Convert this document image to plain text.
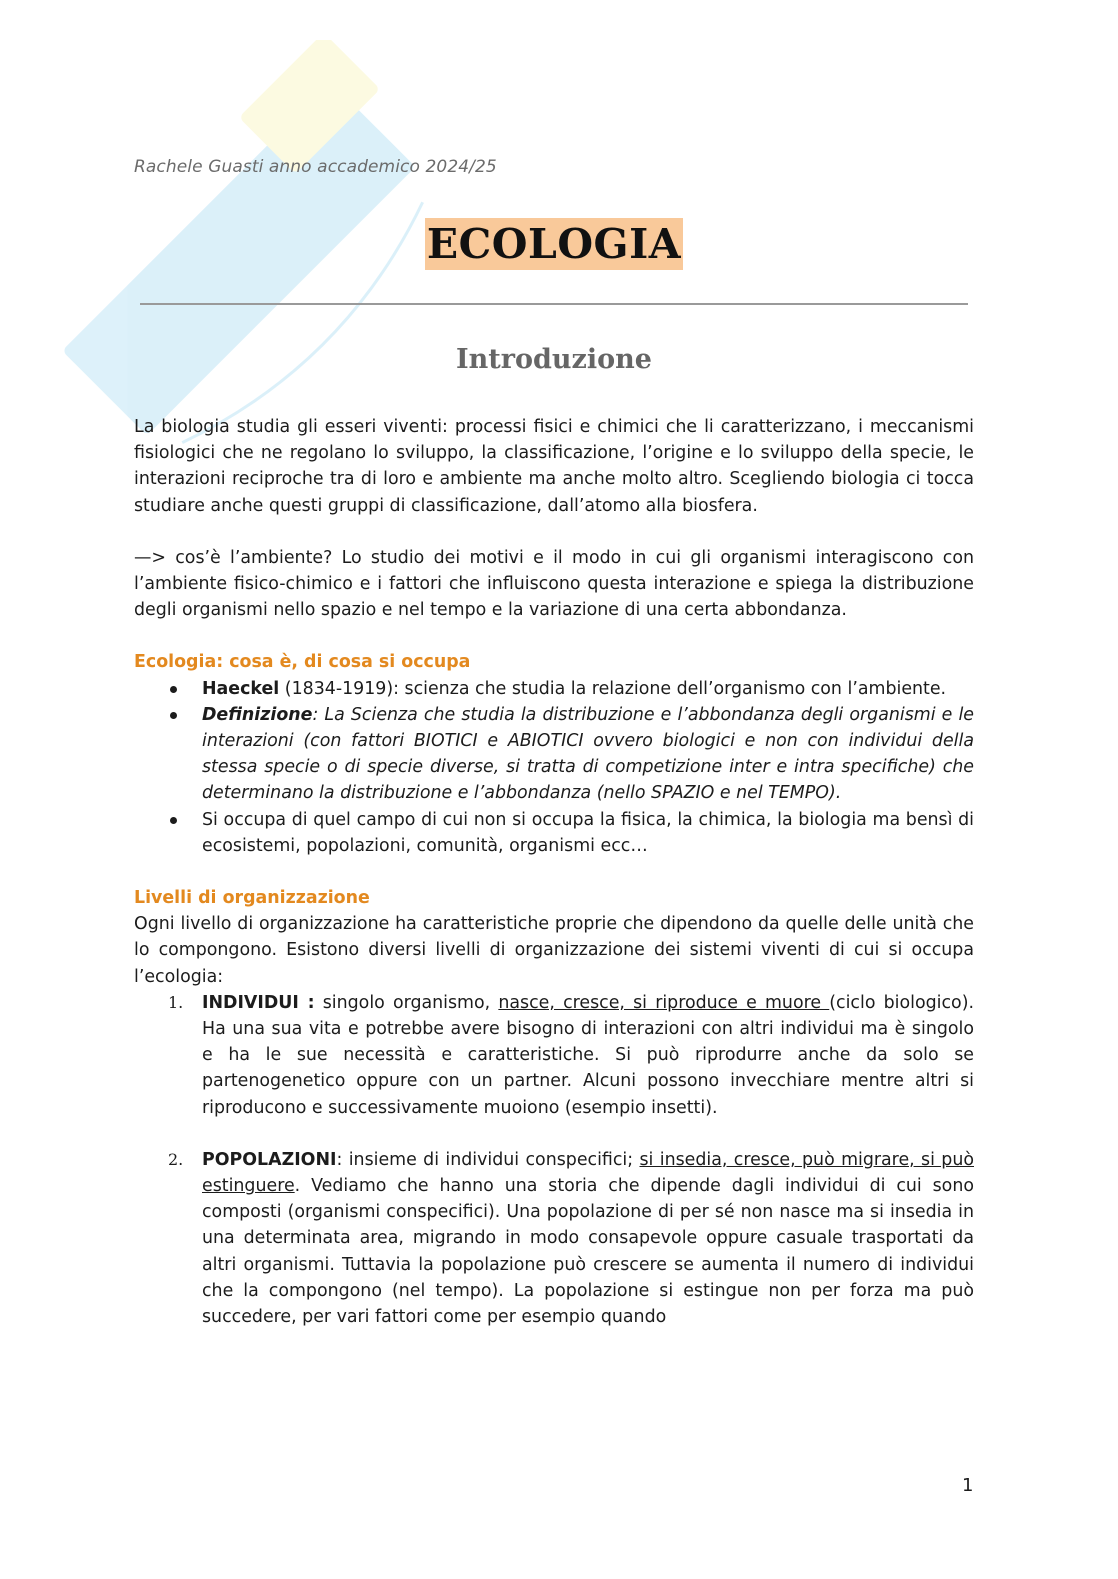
Rachele Guasti anno accademico 2024/25
ECOLOGIA
Introduzione

La biologia studia gli esseri viventi: processi fisici e chimici che li caratterizzano, i meccanismi fisiologici che ne regolano lo sviluppo, la classificazione, l’origine e lo sviluppo della specie, le interazioni reciproche tra di loro e ambiente ma anche molto altro. Scegliendo biologia ci tocca studiare anche questi gruppi di classificazione, dall’atomo alla biosfera.

—> cos’è l’ambiente? Lo studio dei motivi e il modo in cui gli organismi interagiscono con l’ambiente fisico-chimico e i fattori che influiscono questa interazione e spiega la distribuzione degli organismi nello spazio e nel tempo e la variazione di una certa abbondanza.

Ecologia: cosa è, di cosa si occupa
Haeckel (1834-1919): scienza che studia la relazione dell’organismo con l’ambiente.
Definizione: La Scienza che studia la distribuzione e l’abbondanza degli organismi e le interazioni (con fattori BIOTICI e ABIOTICI ovvero biologici e non con individui della stessa specie o di specie diverse, si tratta di competizione inter e intra specifiche) che determinano la distribuzione e l’abbondanza (nello SPAZIO e nel TEMPO).
Si occupa di quel campo di cui non si occupa la fisica, la chimica, la biologia ma bensì di ecosistemi, popolazioni, comunità, organismi ecc…
Livelli di organizzazione

Ogni livello di organizzazione ha caratteristiche proprie che dipendono da quelle delle unità che lo compongono. Esistono diversi livelli di organizzazione dei sistemi viventi di cui si occupa l’ecologia:

1. INDIVIDUI : singolo organismo, nasce, cresce, si riproduce e muore (ciclo biologico). Ha una sua vita e potrebbe avere bisogno di interazioni con altri individui ma è singolo e ha le sue necessità e caratteristiche. Si può riprodurre anche da solo se partenogenetico oppure con un partner. Alcuni possono invecchiare mentre altri si riproducono e successivamente muoiono (esempio insetti).
2. POPOLAZIONI: insieme di individui conspecifici; si insedia, cresce, può migrare, si può estinguere. Vediamo che hanno una storia che dipende dagli individui di cui sono composti (organismi conspecifici). Una popolazione di per sé non nasce ma si insedia in una determinata area, migrando in modo consapevole oppure casuale trasportati da altri organismi. Tuttavia la popolazione può crescere se aumenta il numero di individui che la compongono (nel tempo). La popolazione si estingue non per forza ma può succedere, per vari fattori come per esempio quando
1
